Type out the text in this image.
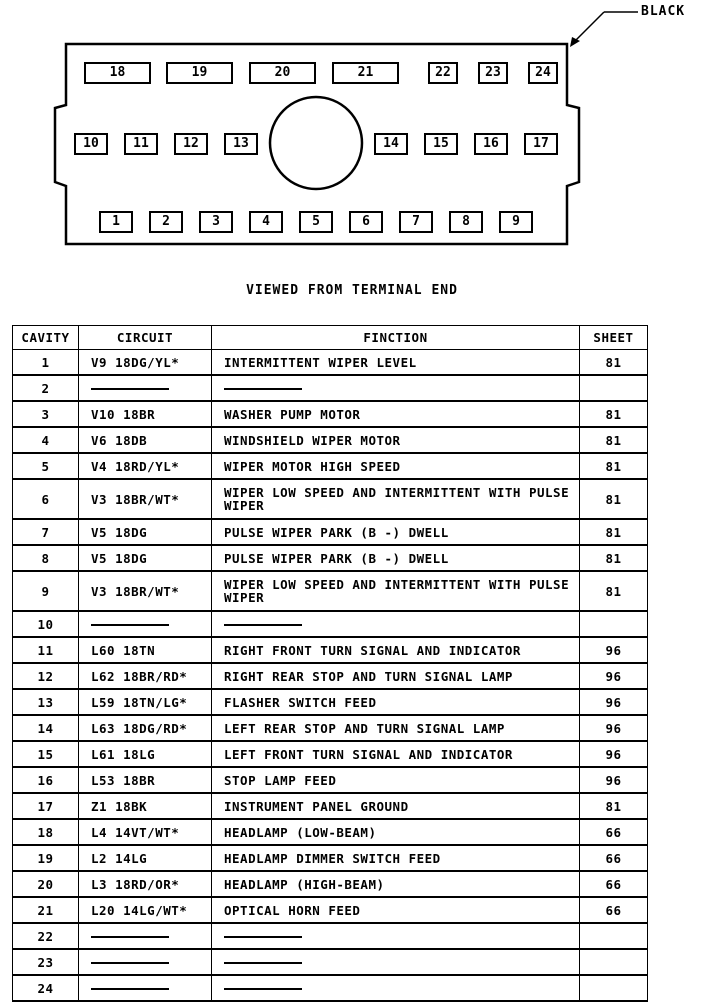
BLACK
18	19	20	21	22	23	24
10	11	12	13	14	15	16	17
1	2	3	4	5	6	7	8	9
VIEWED FROM TERMINAL END
CAVITY	CIRCUIT	FINCTION	SHEET
1	V9 18DG/YL*	INTERMITTENT WIPER LEVEL	81
2			
3	V10 18BR	WASHER PUMP MOTOR	81
4	V6 18DB	WINDSHIELD WIPER MOTOR	81
5	V4 18RD/YL*	WIPER MOTOR HIGH SPEED	81
6	V3 18BR/WT*	WIPER LOW SPEED AND INTERMITTENT WITH PULSE WIPER	81
7	V5 18DG	PULSE WIPER PARK (B -) DWELL	81
8	V5 18DG	PULSE WIPER PARK (B -) DWELL	81
9	V3 18BR/WT*	WIPER LOW SPEED AND INTERMITTENT WITH PULSE WIPER	81
10			
11	L60 18TN	RIGHT FRONT TURN SIGNAL AND INDICATOR	96
12	L62 18BR/RD*	RIGHT REAR STOP AND TURN SIGNAL LAMP	96
13	L59 18TN/LG*	FLASHER SWITCH FEED	96
14	L63 18DG/RD*	LEFT REAR STOP AND TURN SIGNAL LAMP	96
15	L61 18LG	LEFT FRONT TURN SIGNAL AND INDICATOR	96
16	L53 18BR	STOP LAMP FEED	96
17	Z1 18BK	INSTRUMENT PANEL GROUND	81
18	L4 14VT/WT*	HEADLAMP (LOW-BEAM)	66
19	L2 14LG	HEADLAMP DIMMER SWITCH FEED	66
20	L3 18RD/OR*	HEADLAMP (HIGH-BEAM)	66
21	L20 14LG/WT*	OPTICAL HORN FEED	66
22			
23			
24			
